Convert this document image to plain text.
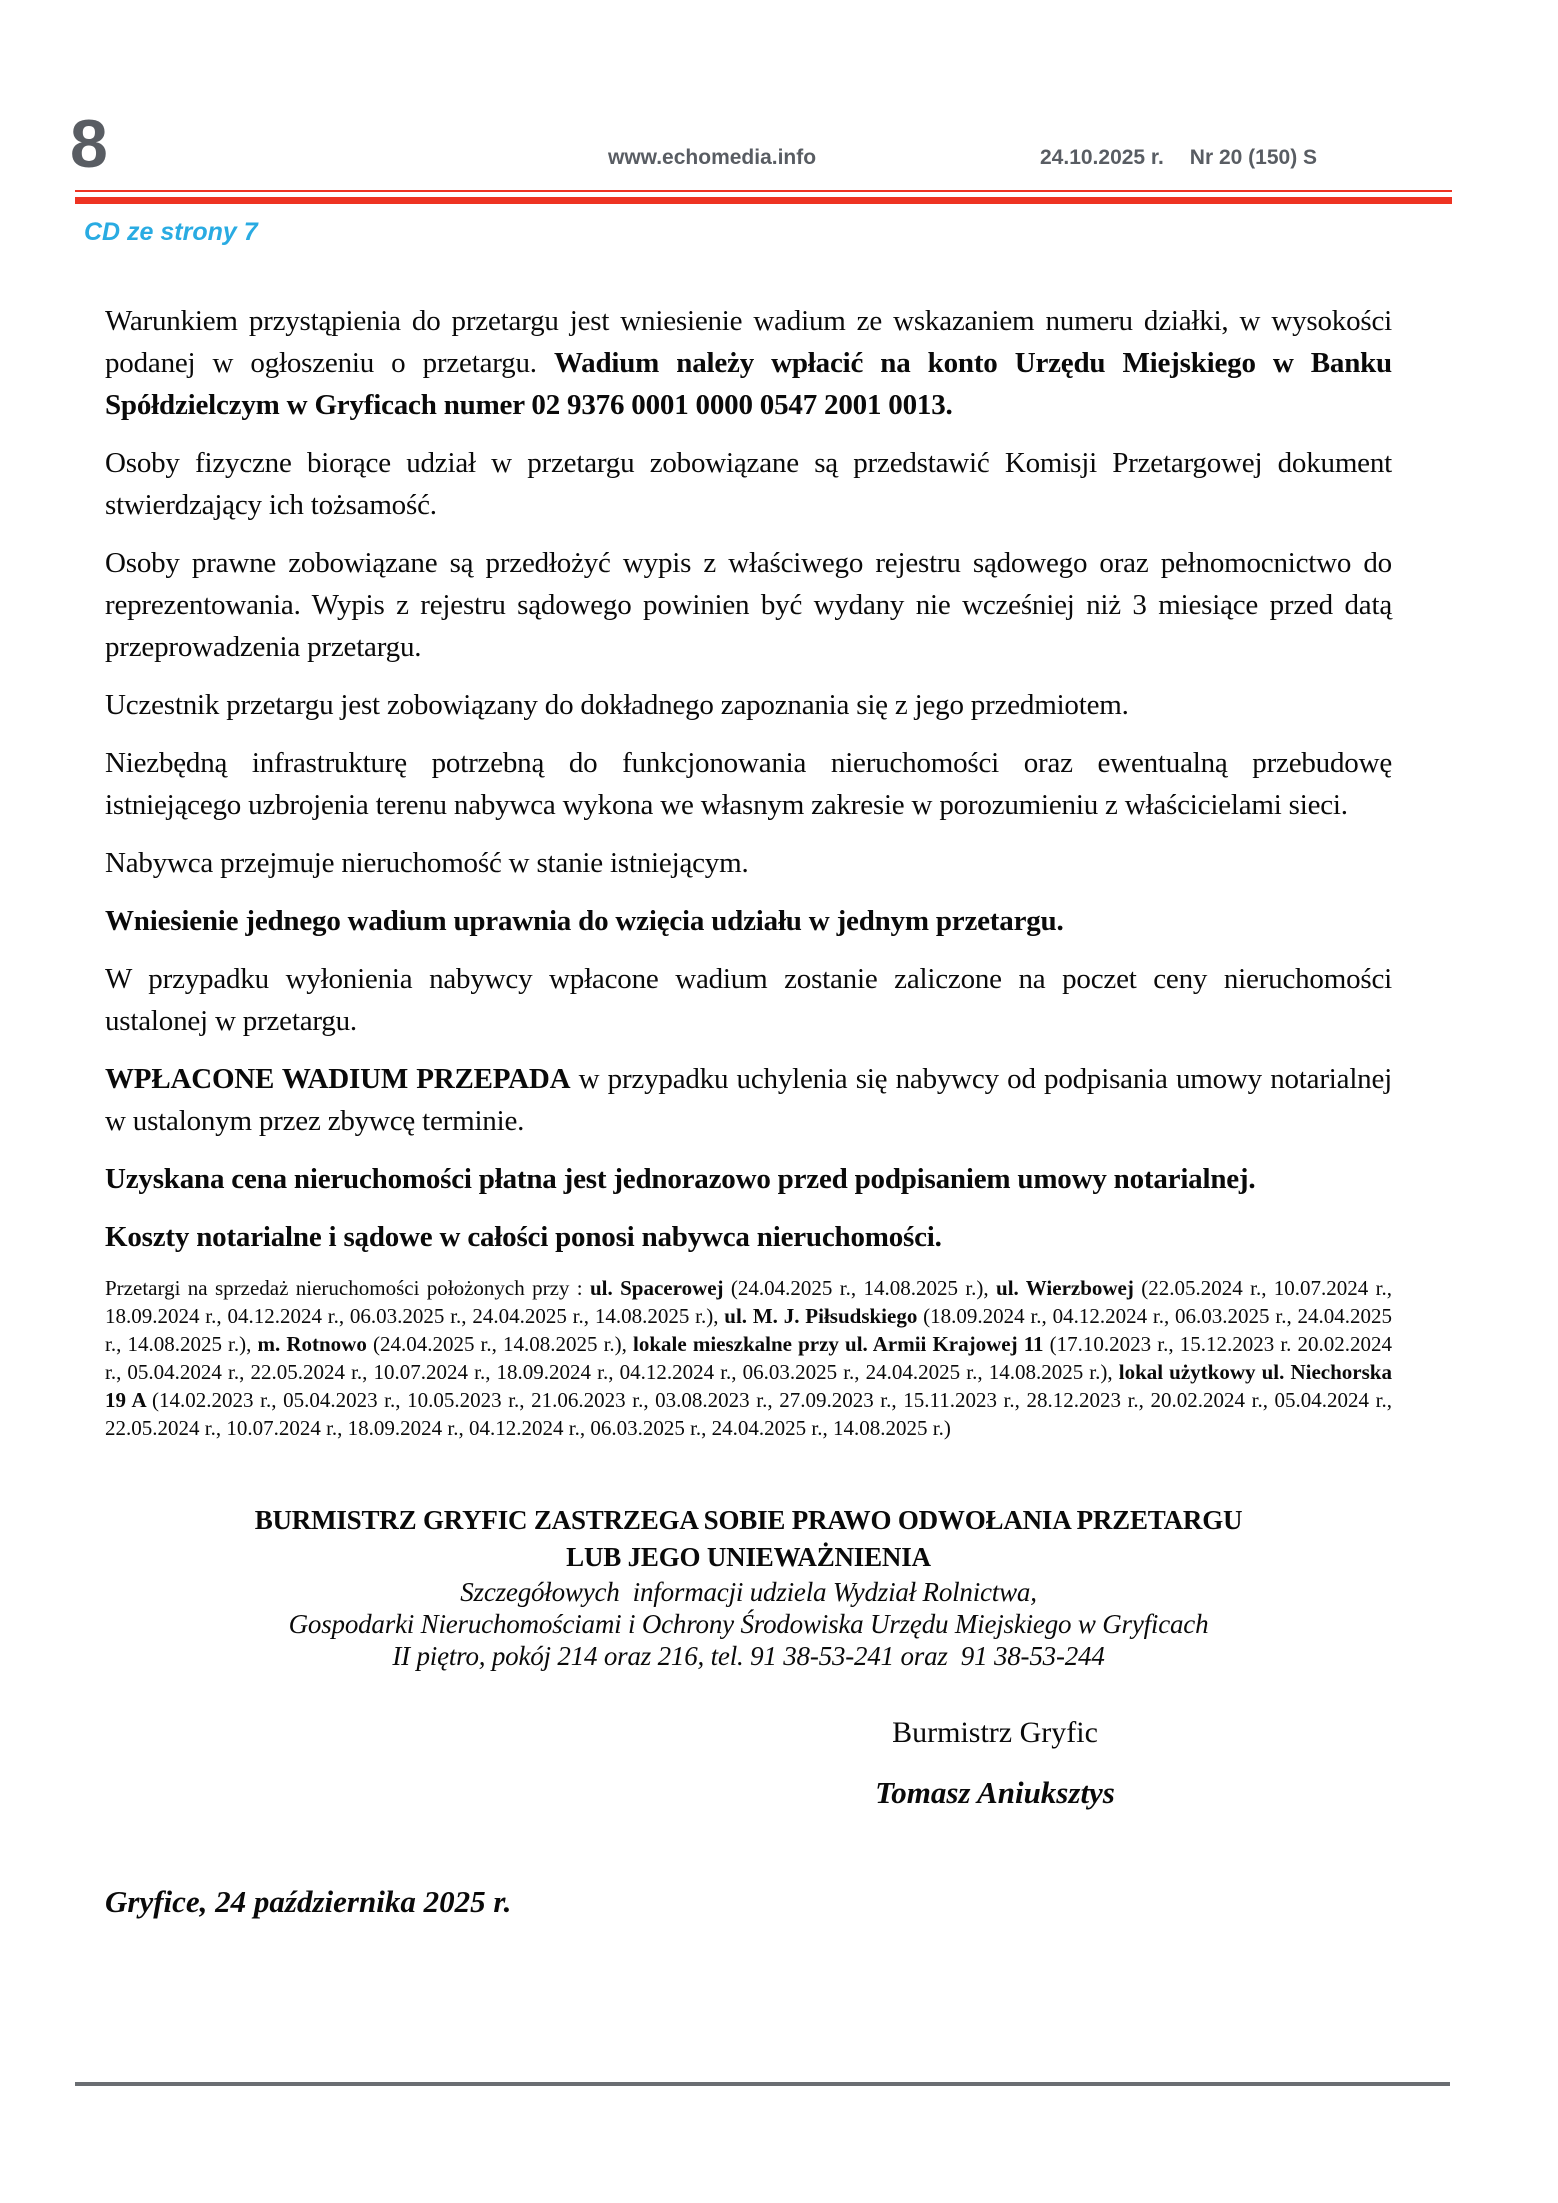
8	www.echomedia.info	24.10.2025 r. Nr 20 (150) S
CD ze strony 7

Warunkiem przystąpienia do przetargu jest wniesienie wadium ze wskazaniem numeru działki, w wysokości podanej w ogłoszeniu o przetargu. Wadium należy wpłacić na konto Urzędu Miejskiego w Banku Spółdzielczym w Gryficach numer 02 9376 0001 0000 0547 2001 0013.

Osoby fizyczne biorące udział w przetargu zobowiązane są przedstawić Komisji Przetargowej dokument stwierdzający ich tożsamość.

Osoby prawne zobowiązane są przedłożyć wypis z właściwego rejestru sądowego oraz pełnomocnictwo do reprezentowania. Wypis z rejestru sądowego powinien być wydany nie wcześniej niż 3 miesiące przed datą przeprowadzenia przetargu.

Uczestnik przetargu jest zobowiązany do dokładnego zapoznania się z jego przedmiotem.

Niezbędną infrastrukturę potrzebną do funkcjonowania nieruchomości oraz ewentualną przebudowę istniejącego uzbrojenia terenu nabywca wykona we własnym zakresie w porozumieniu z właścicielami sieci.

Nabywca przejmuje nieruchomość w stanie istniejącym.

Wniesienie jednego wadium uprawnia do wzięcia udziału w jednym przetargu.

W przypadku wyłonienia nabywcy wpłacone wadium zostanie zaliczone na poczet ceny nieruchomości ustalonej w przetargu.

WPŁACONE WADIUM PRZEPADA w przypadku uchylenia się nabywcy od podpisania umowy notarialnej w ustalonym przez zbywcę terminie.

Uzyskana cena nieruchomości płatna jest jednorazowo przed podpisaniem umowy notarialnej.

Koszty notarialne i sądowe w całości ponosi nabywca nieruchomości.

Przetargi na sprzedaż nieruchomości położonych przy : ul. Spacerowej (24.04.2025 r., 14.08.2025 r.), ul. Wierzbowej (22.05.2024 r., 10.07.2024 r., 18.09.2024 r., 04.12.2024 r., 06.03.2025 r., 24.04.2025 r., 14.08.2025 r.), ul. M. J. Piłsudskiego (18.09.2024 r., 04.12.2024 r., 06.03.2025 r., 24.04.2025 r., 14.08.2025 r.), m. Rotnowo (24.04.2025 r., 14.08.2025 r.), lokale mieszkalne przy ul. Armii Krajowej 11 (17.10.2023 r., 15.12.2023 r. 20.02.2024 r., 05.04.2024 r., 22.05.2024 r., 10.07.2024 r., 18.09.2024 r., 04.12.2024 r., 06.03.2025 r., 24.04.2025 r., 14.08.2025 r.), lokal użytkowy ul. Niechorska 19 A (14.02.2023 r., 05.04.2023 r., 10.05.2023 r., 21.06.2023 r., 03.08.2023 r., 27.09.2023 r., 15.11.2023 r., 28.12.2023 r., 20.02.2024 r., 05.04.2024 r., 22.05.2024 r., 10.07.2024 r., 18.09.2024 r., 04.12.2024 r., 06.03.2025 r., 24.04.2025 r., 14.08.2025 r.)

BURMISTRZ GRYFIC ZASTRZEGA SOBIE PRAWO ODWOŁANIA PRZETARGU
LUB JEGO UNIEWAŻNIENIA
Szczegółowych  informacji udziela Wydział Rolnictwa,
Gospodarki Nieruchomościami i Ochrony Środowiska Urzędu Miejskiego w Gryficach
II piętro, pokój 214 oraz 216, tel. 91 38-53-241 oraz  91 38-53-244
Burmistrz Gryfic
Tomasz Aniuksztys
Gryfice, 24 października 2025 r.
